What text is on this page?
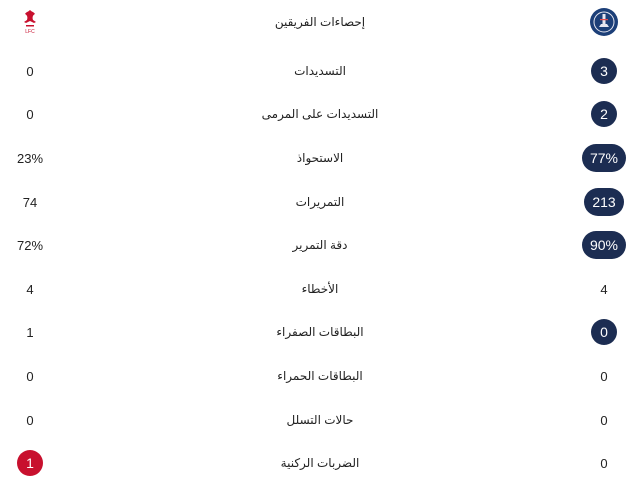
LFC
إحصاءات الفريقين
0	التسديدات	3
0	التسديدات على المرمى	2
23%	الاستحواذ	77%
74	التمريرات	213
72%	دقة التمرير	90%
4	الأخطاء	4
1	البطاقات الصفراء	0
0	البطاقات الحمراء	0
0	حالات التسلل	0
1	الضربات الركنية	0
